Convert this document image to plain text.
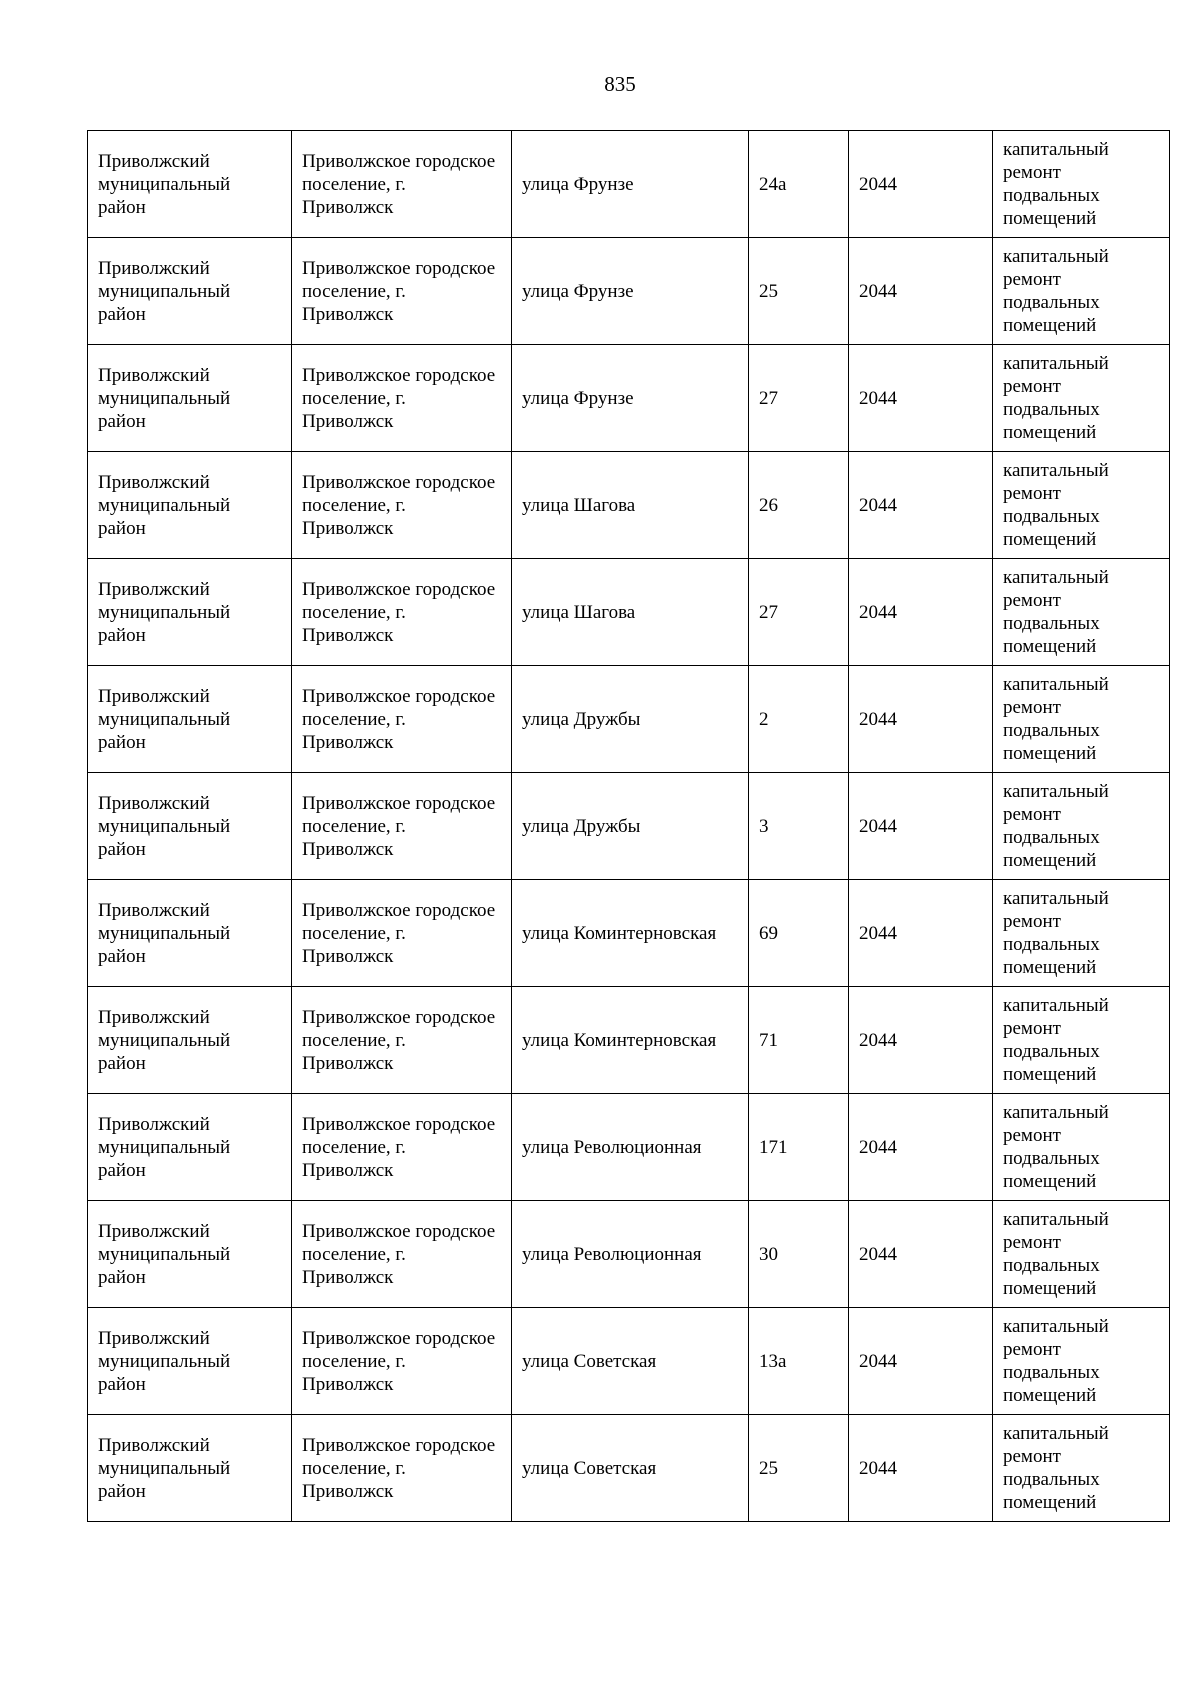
835
Приволжский муниципальный район	Приволжское городское поселение, г. Приволжск	улица Фрунзе	24а	2044	капитальный ремонт подвальных помещений
Приволжский муниципальный район	Приволжское городское поселение, г. Приволжск	улица Фрунзе	25	2044	капитальный ремонт подвальных помещений
Приволжский муниципальный район	Приволжское городское поселение, г. Приволжск	улица Фрунзе	27	2044	капитальный ремонт подвальных помещений
Приволжский муниципальный район	Приволжское городское поселение, г. Приволжск	улица Шагова	26	2044	капитальный ремонт подвальных помещений
Приволжский муниципальный район	Приволжское городское поселение, г. Приволжск	улица Шагова	27	2044	капитальный ремонт подвальных помещений
Приволжский муниципальный район	Приволжское городское поселение, г. Приволжск	улица Дружбы	2	2044	капитальный ремонт подвальных помещений
Приволжский муниципальный район	Приволжское городское поселение, г. Приволжск	улица Дружбы	3	2044	капитальный ремонт подвальных помещений
Приволжский муниципальный район	Приволжское городское поселение, г. Приволжск	улица Коминтерновская	69	2044	капитальный ремонт подвальных помещений
Приволжский муниципальный район	Приволжское городское поселение, г. Приволжск	улица Коминтерновская	71	2044	капитальный ремонт подвальных помещений
Приволжский муниципальный район	Приволжское городское поселение, г. Приволжск	улица Революционная	171	2044	капитальный ремонт подвальных помещений
Приволжский муниципальный район	Приволжское городское поселение, г. Приволжск	улица Революционная	30	2044	капитальный ремонт подвальных помещений
Приволжский муниципальный район	Приволжское городское поселение, г. Приволжск	улица Советская	13а	2044	капитальный ремонт подвальных помещений
Приволжский муниципальный район	Приволжское городское поселение, г. Приволжск	улица Советская	25	2044	капитальный ремонт подвальных помещений
